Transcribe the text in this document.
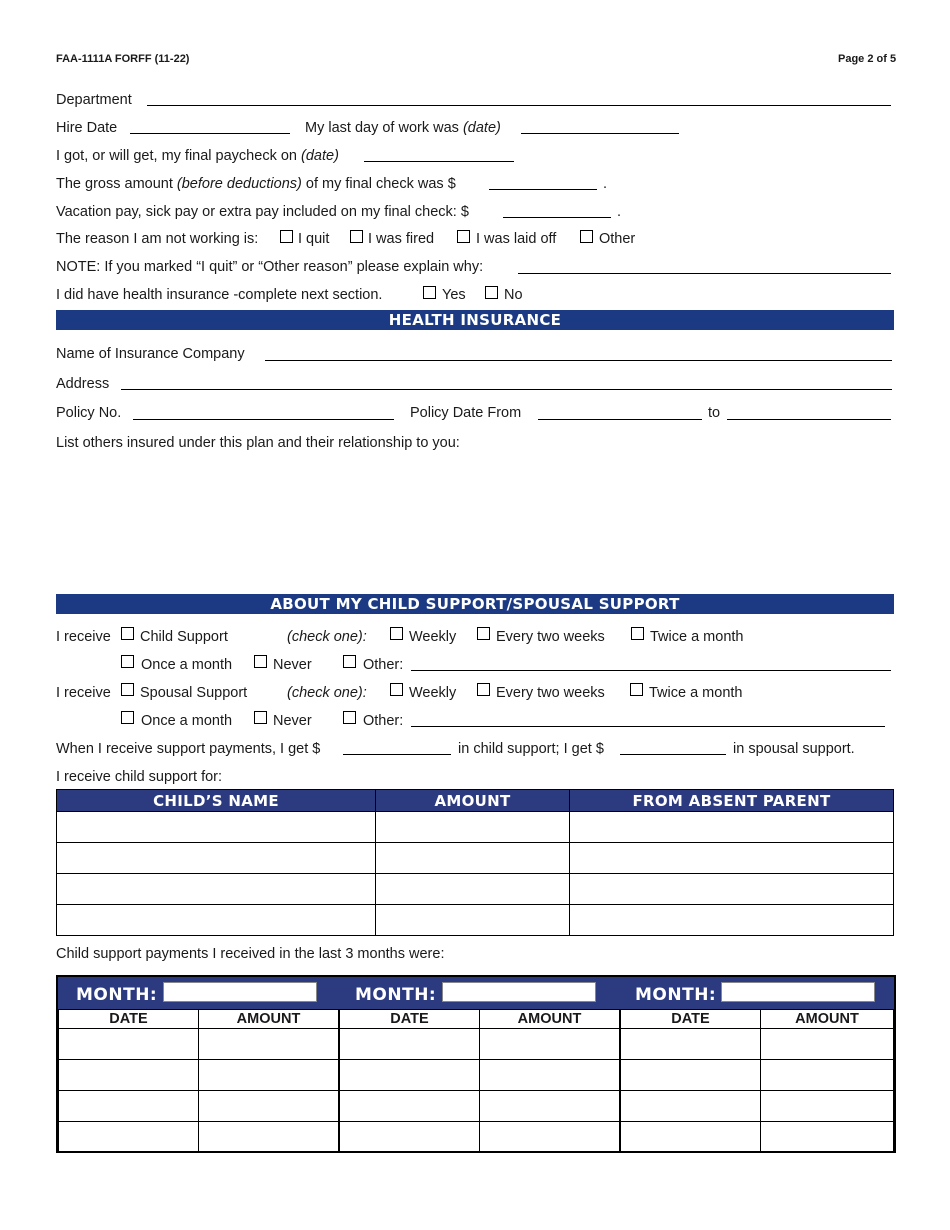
FAA-1111A FORFF (11-22)	Page 2 of 5
Department
Hire Date	My last day of work was (date)
I got, or will get, my final paycheck on (date)
The gross amount (before deductions) of my final check was $	.
Vacation pay, sick pay or extra pay included on my final check: $	.
The reason I am not working is:	I quit	I was fired	I was laid off	Other
NOTE: If you marked “I quit” or “Other reason” please explain why:
I did have health insurance -complete next section.	Yes	No
HEALTH INSURANCE
Name of Insurance Company
Address
Policy No.	Policy Date From	to
List others insured under this plan and their relationship to you:
ABOUT MY CHILD SUPPORT/SPOUSAL SUPPORT
I receive Child Support	(check one):	Weekly	Every two weeks	Twice a month
Once a month	Never	Other:
I receive Spousal Support	(check one):	Weekly	Every two weeks	Twice a month
Once a month	Never	Other:
When I receive support payments, I get $	in child support; I get $	in spousal support.
I receive child support for:
CHILD’S NAME	AMOUNT	FROM ABSENT PARENT

Child support payments I received in the last 3 months were:
MONTH:	MONTH:	MONTH:
DATE	AMOUNT	DATE	AMOUNT	DATE	AMOUNT
